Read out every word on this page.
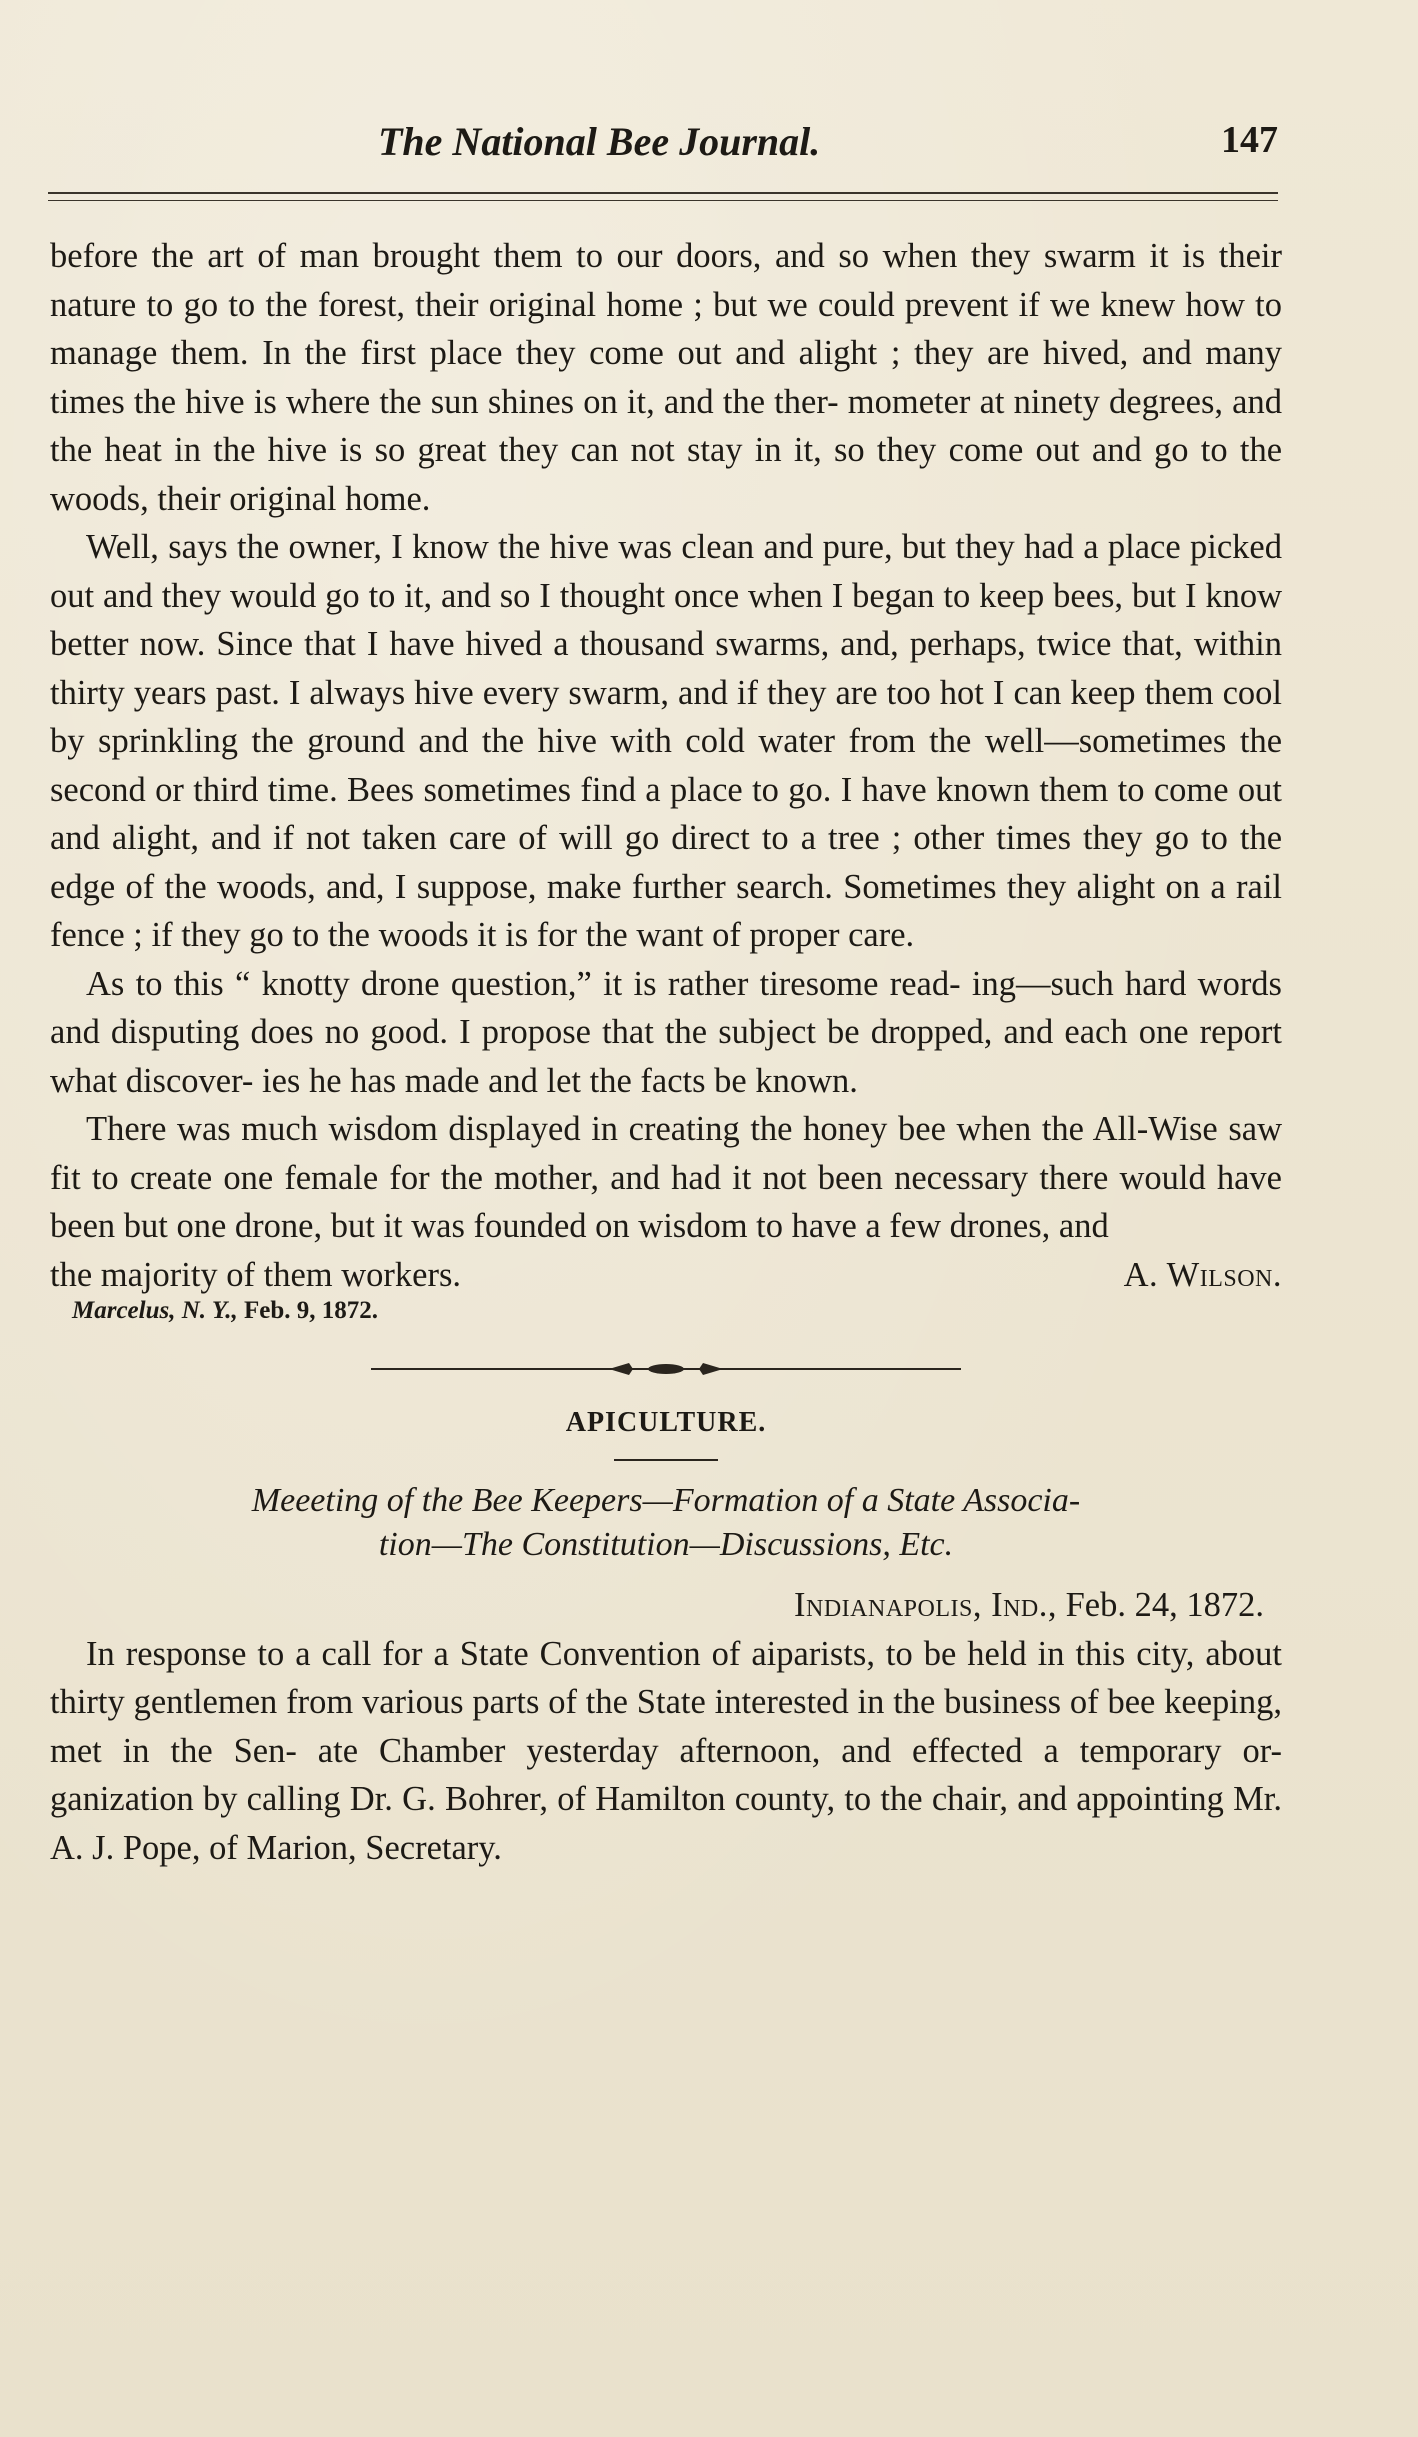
The National Bee Journal.	147

before the art of man brought them to our doors, and so when they swarm it is their nature to go to the forest, their original home ; but we could prevent if we knew how to manage them. In the first place they come out and alight ; they are hived, and many times the hive is where the sun shines on it, and the ther- mometer at ninety degrees, and the heat in the hive is so great they can not stay in it, so they come out and go to the woods, their original home.

Well, says the owner, I know the hive was clean and pure, but they had a place picked out and they would go to it, and so I thought once when I began to keep bees, but I know better now. Since that I have hived a thousand swarms, and, perhaps, twice that, within thirty years past. I always hive every swarm, and if they are too hot I can keep them cool by sprinkling the ground and the hive with cold water from the well—sometimes the second or third time. Bees sometimes find a place to go. I have known them to come out and alight, and if not taken care of will go direct to a tree ; other times they go to the edge of the woods, and, I suppose, make further search. Sometimes they alight on a rail fence ; if they go to the woods it is for the want of proper care.

As to this “ knotty drone question,” it is rather tiresome read- ing—such hard words and disputing does no good. I propose that the subject be dropped, and each one report what discover- ies he has made and let the facts be known.

There was much wisdom displayed in creating the honey bee when the All-Wise saw fit to create one female for the mother, and had it not been necessary there would have been but one drone, but it was founded on wisdom to have a few drones, and

the majority of them workers.	A. Wilson.
Marcelus, N. Y., Feb. 9, 1872.
APICULTURE.
Meeeting of the Bee Keepers—Formation of a State Associa-
tion—The Constitution—Discussions, Etc.
Indianapolis, Ind., Feb. 24, 1872.

In response to a call for a State Convention of aiparists, to be held in this city, about thirty gentlemen from various parts of the State interested in the business of bee keeping, met in the Sen- ate Chamber yesterday afternoon, and effected a temporary or- ganization by calling Dr. G. Bohrer, of Hamilton county, to the chair, and appointing Mr. A. J. Pope, of Marion, Secretary.
